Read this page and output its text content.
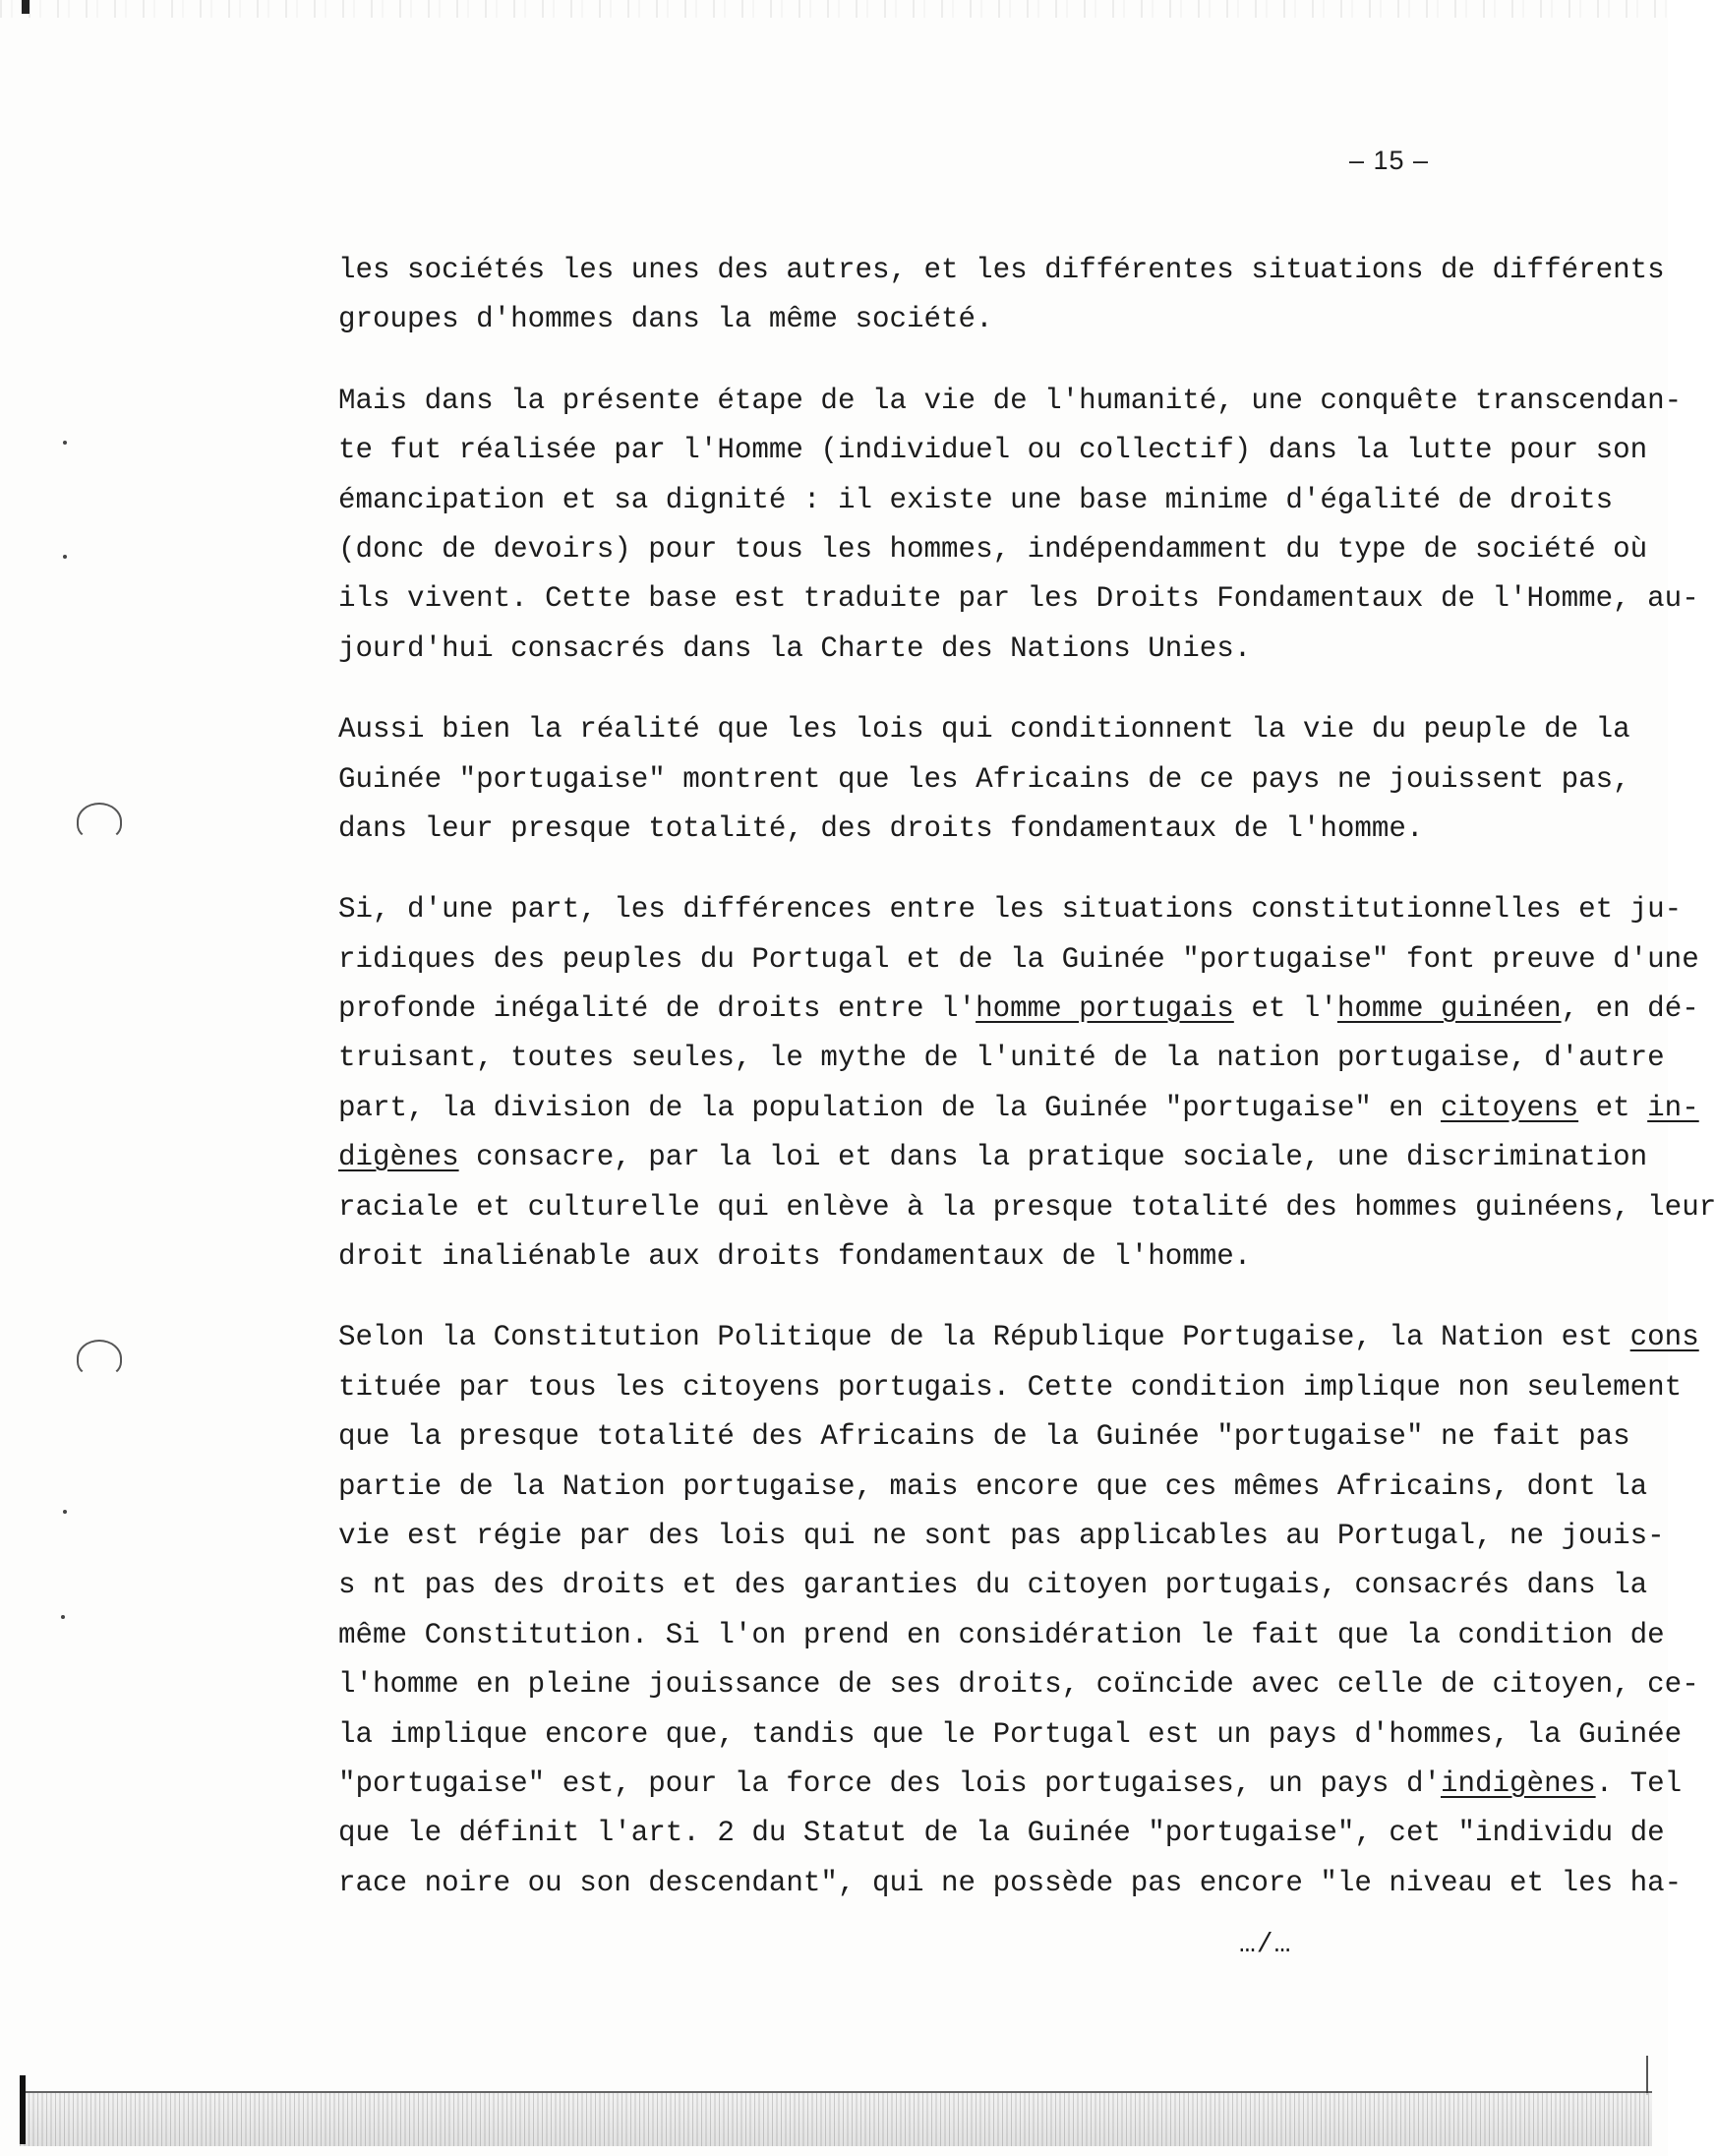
– 15 –
les sociétés les unes des autres, et les différentes situations de différents
groupes d'hommes dans la même société.
Mais dans la présente étape de la vie de l'humanité, une conquête transcendan-
te fut réalisée par l'Homme (individuel ou collectif) dans la lutte pour son
émancipation et sa dignité : il existe une base minime d'égalité de droits
(donc de devoirs) pour tous les hommes, indépendamment du type de société où
ils vivent. Cette base est traduite par les Droits Fondamentaux de l'Homme, au-
jourd'hui consacrés dans la Charte des Nations Unies.
Aussi bien la réalité que les lois qui conditionnent la vie du peuple de la
Guinée "portugaise" montrent que les Africains de ce pays ne jouissent pas,
dans leur presque totalité, des droits fondamentaux de l'homme.
Si, d'une part, les différences entre les situations constitutionnelles et ju-
ridiques des peuples du Portugal et de la Guinée "portugaise" font preuve d'une
profonde inégalité de droits entre l'homme portugais et l'homme guinéen, en dé-
truisant, toutes seules, le mythe de l'unité de la nation portugaise, d'autre
part, la division de la population de la Guinée "portugaise" en citoyens et in-
digènes consacre, par la loi et dans la pratique sociale, une discrimination
raciale et culturelle qui enlève à la presque totalité des hommes guinéens, leur
droit inaliénable aux droits fondamentaux de l'homme.
Selon la Constitution Politique de la République Portugaise, la Nation est cons
tituée par tous les citoyens portugais. Cette condition implique non seulement
que la presque totalité des Africains de la Guinée "portugaise" ne fait pas
partie de la Nation portugaise, mais encore que ces mêmes Africains, dont la
vie est régie par des lois qui ne sont pas applicables au Portugal, ne jouis-
s nt pas des droits et des garanties du citoyen portugais, consacrés dans la
même Constitution. Si l'on prend en considération le fait que la condition de
l'homme en pleine jouissance de ses droits, coïncide avec celle de citoyen, ce-
la implique encore que, tandis que le Portugal est un pays d'hommes, la Guinée
"portugaise" est, pour la force des lois portugaises, un pays d'indigènes. Tel
que le définit l'art. 2 du Statut de la Guinée "portugaise", cet "individu de
race noire ou son descendant", qui ne possède pas encore "le niveau et les ha-
…/…
